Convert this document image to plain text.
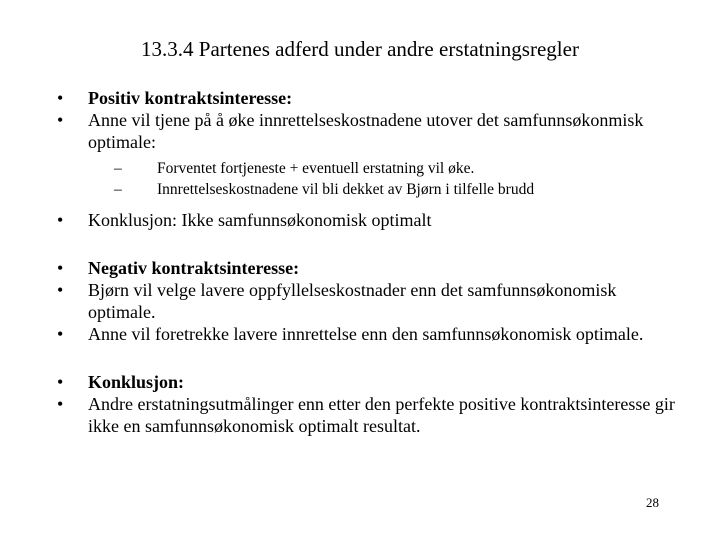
13.3.4 Partenes adferd under andre erstatningsregler
• Positiv kontraktsinteresse:
• Anne vil tjene på å øke innrettelseskostnadene utover det samfunnsøkonmisk optimale:
– Forventet fortjeneste + eventuell erstatning vil øke.
– Innrettelseskostnadene vil bli dekket av Bjørn i tilfelle brudd
• Konklusjon: Ikke samfunnsøkonomisk optimalt
• Negativ kontraktsinteresse:
• Bjørn vil velge lavere oppfyllelseskostnader enn det samfunnsøkonomisk optimale.
• Anne vil foretrekke lavere innrettelse enn den samfunnsøkonomisk optimale.
• Konklusjon:
• Andre erstatningsutmålinger enn etter den perfekte positive kontraktsinteresse gir ikke en samfunnsøkonomisk optimalt resultat.
28
